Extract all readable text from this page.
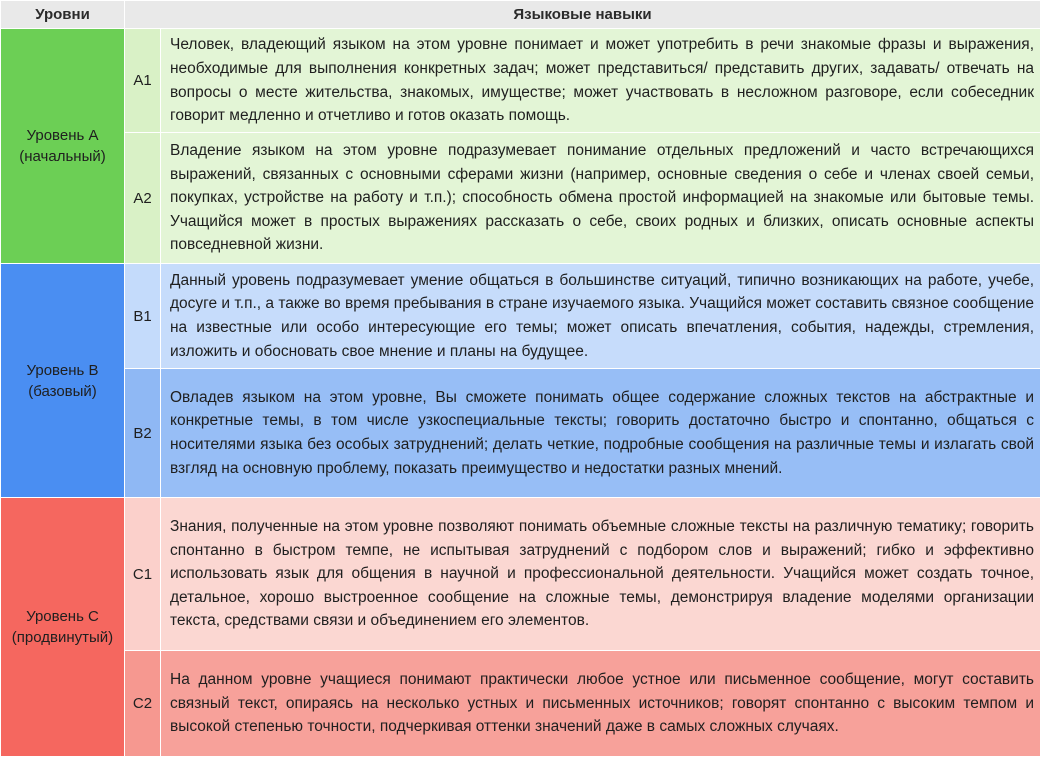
Уровни	Языковые навыки	

Уровень А
(начальный)	A1	Человек, владеющий языком на этом уровне понимает и может употребить в речи знакомые фразы и выражения, необходимые для выполнения конкретных задач; может представиться/ представить других, задавать/ отвечать на вопросы о месте жительства, знакомых, имуществе; может участвовать в несложном разговоре, если собеседник говорит медленно и отчетливо и готов оказать помощь.
	A2	Владение языком на этом уровне подразумевает понимание отдельных предложений и часто встречающихся выражений, связанных с основными сферами жизни (например, основные сведения о себе и членах своей семьи, покупках, устройстве на работу и т.п.); способность обмена простой информацией на знакомые или бытовые темы. Учащийся может в простых выражениях рассказать о себе, своих родных и близких, описать основные аспекты повседневной жизни.

Уровень В
(базовый)	B1	Данный уровень подразумевает умение общаться в большинстве ситуаций, типично возникающих на работе, учебе, досуге и т.п., а также во время пребывания в стране изучаемого языка. Учащийся может составить связное сообщение на известные или особо интересующие его темы; может описать впечатления, события, надежды, стремления, изложить и обосновать свое мнение и планы на будущее.
	B2	Овладев языком на этом уровне, Вы сможете понимать общее содержание сложных текстов на абстрактные и конкретные темы, в том числе узкоспециальные тексты; говорить достаточно быстро и спонтанно, общаться с носителями языка без особых затруднений; делать четкие, подробные сообщения на различные темы и излагать свой взгляд на основную проблему, показать преимущество и недостатки разных мнений.

Уровень С
(продвинутый)	C1	Знания, полученные на этом уровне позволяют понимать объемные сложные тексты на различную тематику; говорить спонтанно в быстром темпе, не испытывая затруднений с подбором слов и выражений; гибко и эффективно использовать язык для общения в научной и профессиональной деятельности. Учащийся может создать точное, детальное, хорошо выстроенное сообщение на сложные темы, демонстрируя владение моделями организации текста, средствами связи и объединением его элементов.
	C2	На данном уровне учащиеся понимают практически любое устное или письменное сообщение, могут составить связный текст, опираясь на несколько устных и письменных источников; говорят спонтанно с высоким темпом и высокой степенью точности, подчеркивая оттенки значений даже в самых сложных случаях.
